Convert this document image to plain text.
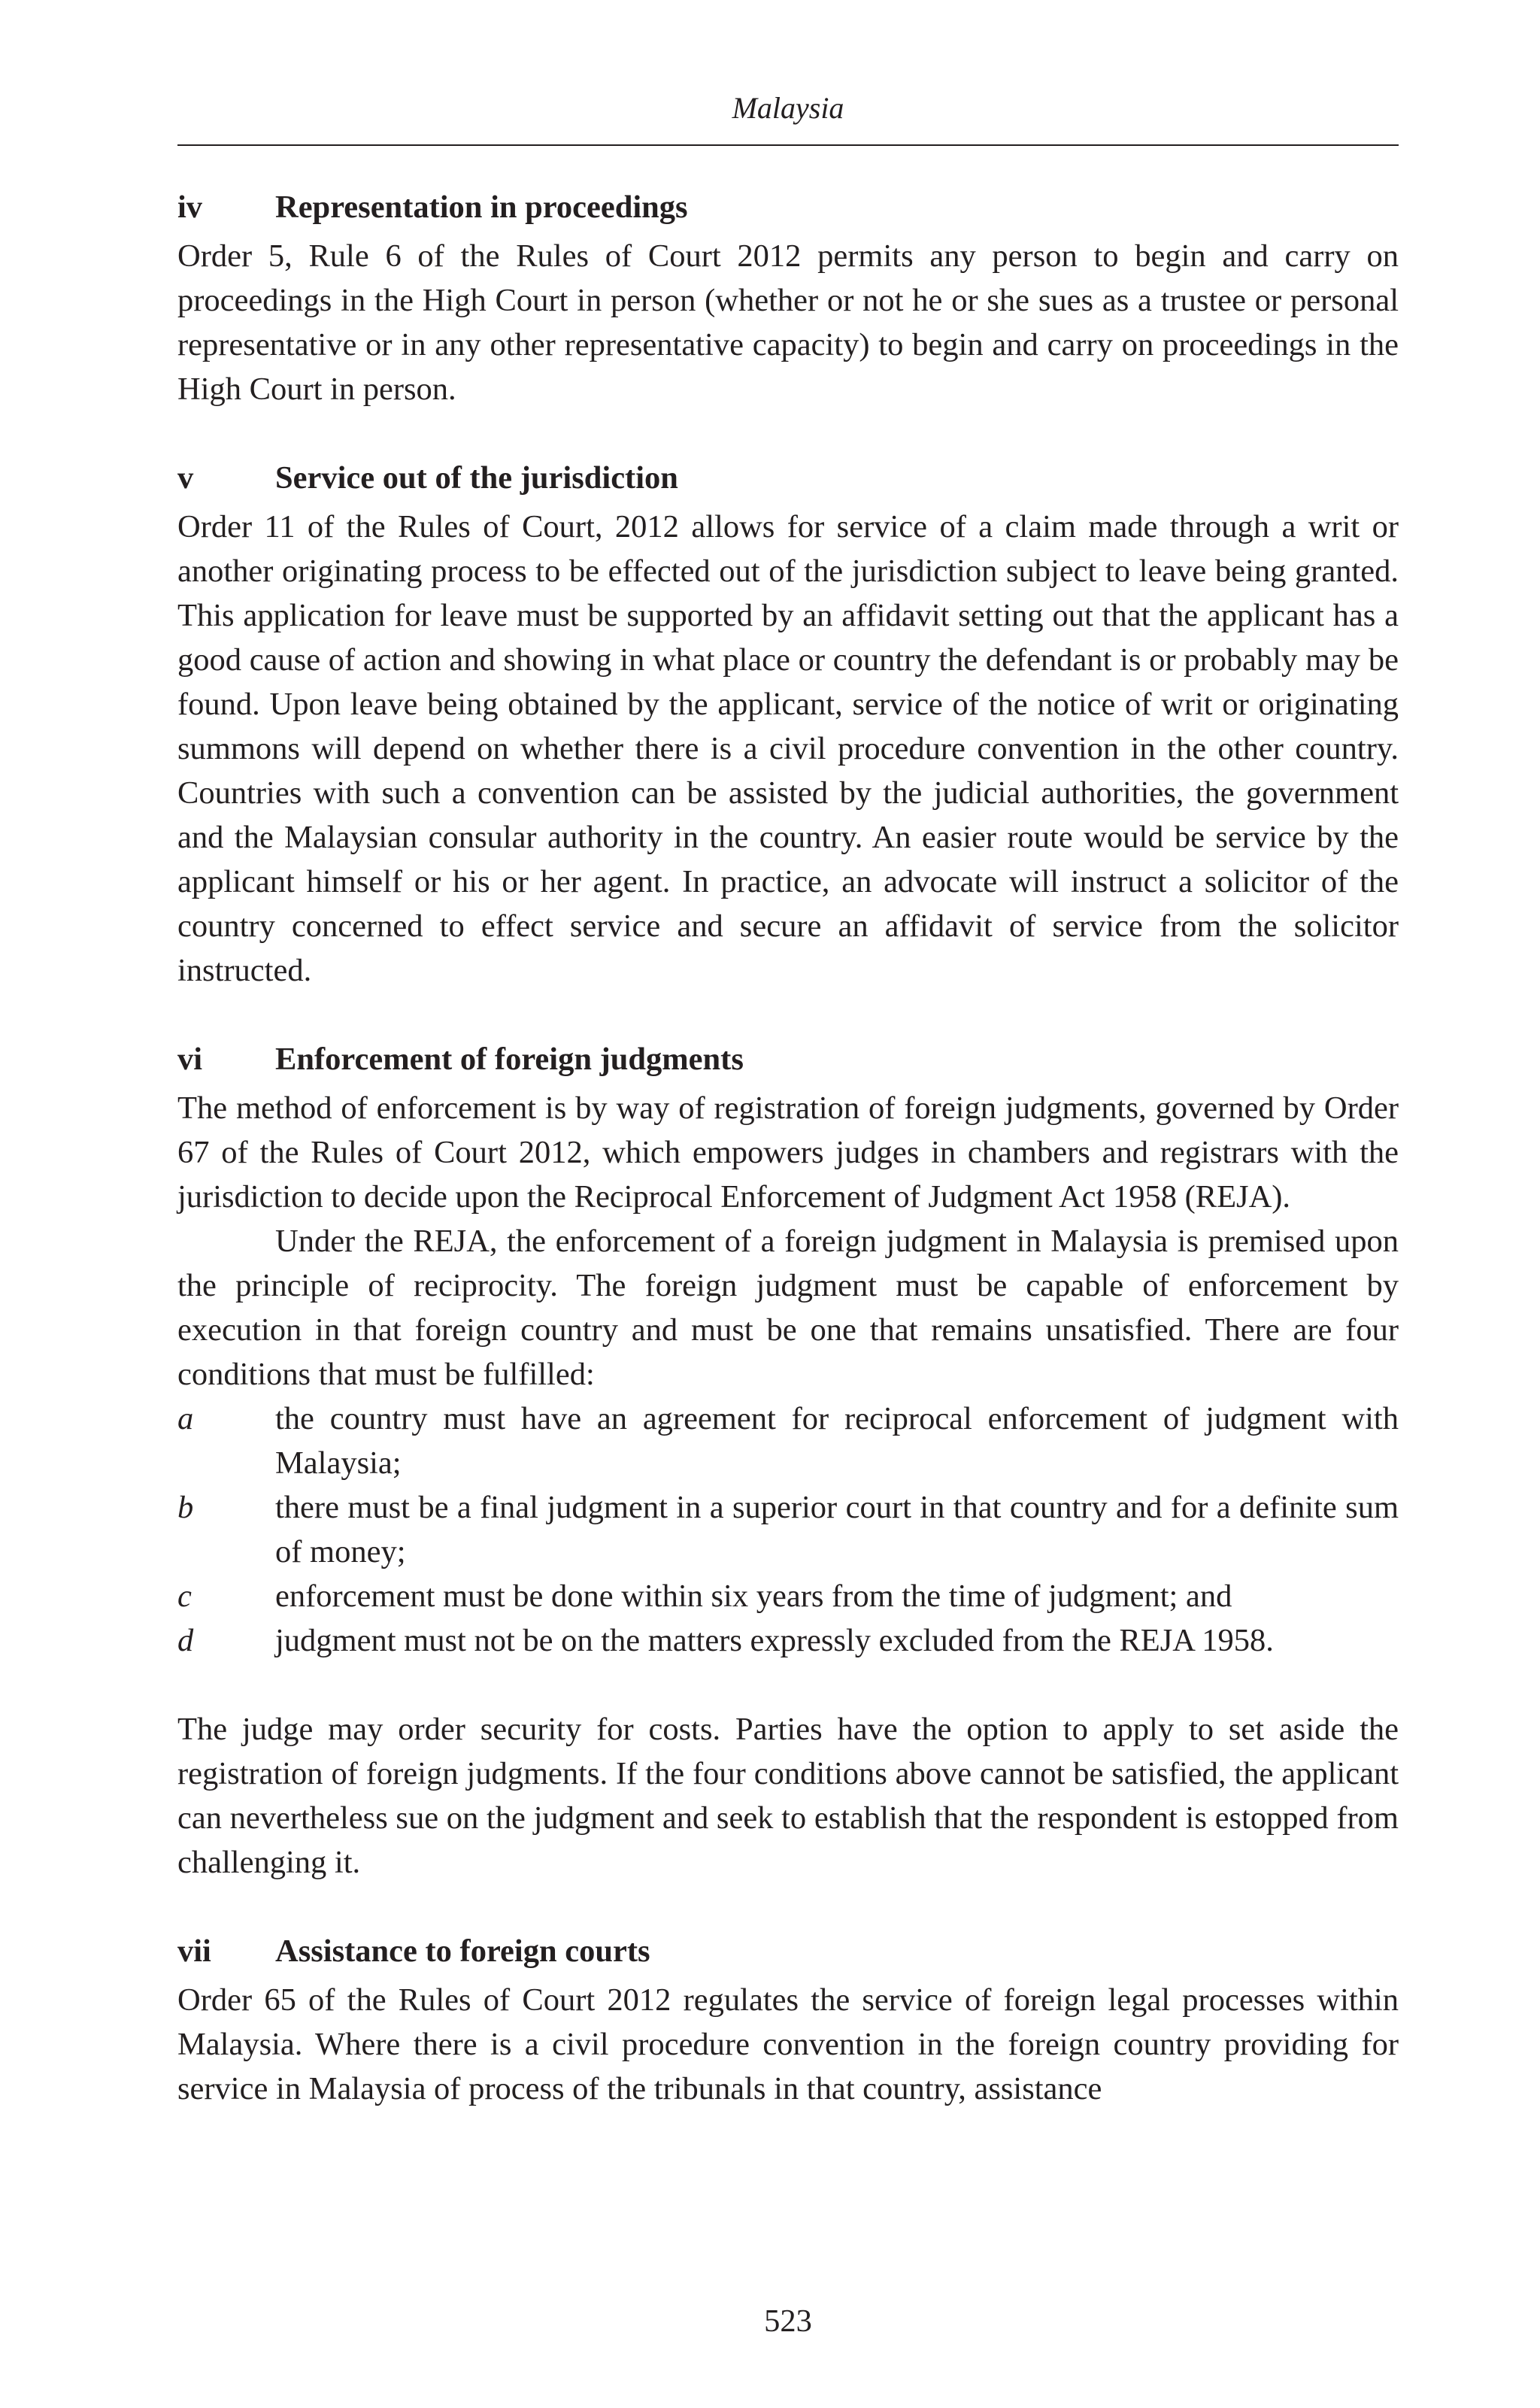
Malaysia
iv	Representation in proceedings

Order 5, Rule 6 of the Rules of Court 2012 permits any person to begin and carry on proceedings in the High Court in person (whether or not he or she sues as a trustee or personal representative or in any other representative capacity) to begin and carry on proceedings in the High Court in person.

v	Service out of the jurisdiction

Order 11 of the Rules of Court, 2012 allows for service of a claim made through a writ or another originating process to be effected out of the jurisdiction subject to leave being granted. This application for leave must be supported by an affidavit setting out that the applicant has a good cause of action and showing in what place or country the defendant is or probably may be found. Upon leave being obtained by the applicant, service of the notice of writ or originating summons will depend on whether there is a civil procedure convention in the other country. Countries with such a convention can be assisted by the judicial authorities, the government and the Malaysian consular authority in the country. An easier route would be service by the applicant himself or his or her agent. In practice, an advocate will instruct a solicitor of the country concerned to effect service and secure an affidavit of service from the solicitor instructed.

vi	Enforcement of foreign judgments

The method of enforcement is by way of registration of foreign judgments, governed by Order 67 of the Rules of Court 2012, which empowers judges in chambers and registrars with the jurisdiction to decide upon the Reciprocal Enforcement of Judgment Act 1958 (REJA).

Under the REJA, the enforcement of a foreign judgment in Malaysia is premised upon the principle of reciprocity. The foreign judgment must be capable of enforcement by execution in that foreign country and must be one that remains unsatisfied. There are four conditions that must be fulfilled:

a	the country must have an agreement for reciprocal enforcement of judgment with Malaysia;
b	there must be a final judgment in a superior court in that country and for a definite sum of money;
c	enforcement must be done within six years from the time of judgment; and
d	judgment must not be on the matters expressly excluded from the REJA 1958.

The judge may order security for costs. Parties have the option to apply to set aside the registration of foreign judgments. If the four conditions above cannot be satisfied, the applicant can nevertheless sue on the judgment and seek to establish that the respondent is estopped from challenging it.

vii	Assistance to foreign courts

Order 65 of the Rules of Court 2012 regulates the service of foreign legal processes within Malaysia. Where there is a civil procedure convention in the foreign country providing for service in Malaysia of process of the tribunals in that country, assistance

523
